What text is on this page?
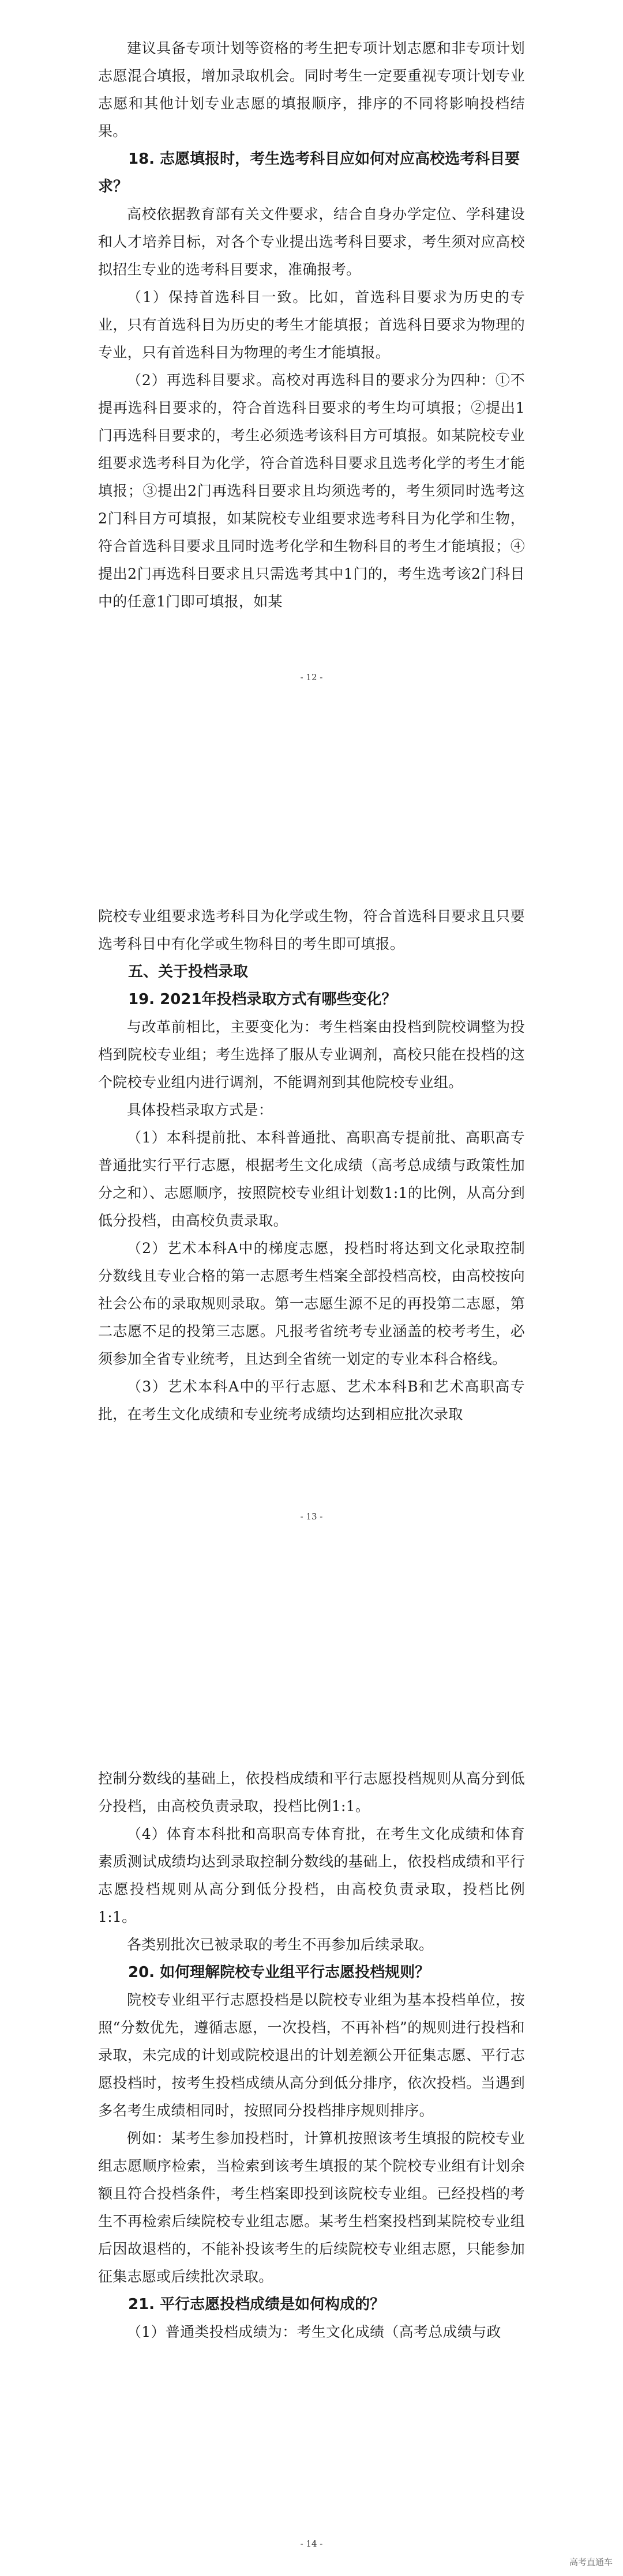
建议具备专项计划等资格的考生把专项计划志愿和非专项计划志愿混合填报，增加录取机会。同时考生一定要重视专项计划专业志愿和其他计划专业志愿的填报顺序，排序的不同将影响投档结果。

18. 志愿填报时，考生选考科目应如何对应高校选考科目要求？

高校依据教育部有关文件要求，结合自身办学定位、学科建设和人才培养目标，对各个专业提出选考科目要求，考生须对应高校拟招生专业的选考科目要求，准确报考。

（1）保持首选科目一致。比如，首选科目要求为历史的专业，只有首选科目为历史的考生才能填报；首选科目要求为物理的专业，只有首选科目为物理的考生才能填报。

（2）再选科目要求。高校对再选科目的要求分为四种：①不提再选科目要求的，符合首选科目要求的考生均可填报；②提出1门再选科目要求的，考生必须选考该科目方可填报。如某院校专业组要求选考科目为化学，符合首选科目要求且选考化学的考生才能填报；③提出2门再选科目要求且均须选考的，考生须同时选考这2门科目方可填报，如某院校专业组要求选考科目为化学和生物，符合首选科目要求且同时选考化学和生物科目的考生才能填报；④提出2门再选科目要求且只需选考其中1门的，考生选考该2门科目中的任意1门即可填报，如某

- 12 -

院校专业组要求选考科目为化学或生物，符合首选科目要求且只要选考科目中有化学或生物科目的考生即可填报。

五、关于投档录取

19. 2021年投档录取方式有哪些变化？

与改革前相比，主要变化为：考生档案由投档到院校调整为投档到院校专业组；考生选择了服从专业调剂，高校只能在投档的这个院校专业组内进行调剂，不能调剂到其他院校专业组。

具体投档录取方式是：

（1）本科提前批、本科普通批、高职高专提前批、高职高专普通批实行平行志愿，根据考生文化成绩（高考总成绩与政策性加分之和）、志愿顺序，按照院校专业组计划数1:1的比例，从高分到低分投档，由高校负责录取。

（2）艺术本科A中的梯度志愿，投档时将达到文化录取控制分数线且专业合格的第一志愿考生档案全部投档高校，由高校按向社会公布的录取规则录取。第一志愿生源不足的再投第二志愿，第二志愿不足的投第三志愿。凡报考省统考专业涵盖的校考考生，必须参加全省专业统考，且达到全省统一划定的专业本科合格线。

（3）艺术本科A中的平行志愿、艺术本科B和艺术高职高专批，在考生文化成绩和专业统考成绩均达到相应批次录取

- 13 -

控制分数线的基础上，依投档成绩和平行志愿投档规则从高分到低分投档，由高校负责录取，投档比例1:1。

（4）体育本科批和高职高专体育批，在考生文化成绩和体育素质测试成绩均达到录取控制分数线的基础上，依投档成绩和平行志愿投档规则从高分到低分投档，由高校负责录取，投档比例1:1。

各类别批次已被录取的考生不再参加后续录取。

20. 如何理解院校专业组平行志愿投档规则？

院校专业组平行志愿投档是以院校专业组为基本投档单位，按照“分数优先，遵循志愿，一次投档，不再补档”的规则进行投档和录取，未完成的计划或院校退出的计划差额公开征集志愿、平行志愿投档时，按考生投档成绩从高分到低分排序，依次投档。当遇到多名考生成绩相同时，按照同分投档排序规则排序。

例如：某考生参加投档时，计算机按照该考生填报的院校专业组志愿顺序检索，当检索到该考生填报的某个院校专业组有计划余额且符合投档条件，考生档案即投到该院校专业组。已经投档的考生不再检索后续院校专业组志愿。某考生档案投档到某院校专业组后因故退档的，不能补投该考生的后续院校专业组志愿，只能参加征集志愿或后续批次录取。

21. 平行志愿投档成绩是如何构成的？

（1）普通类投档成绩为：考生文化成绩（高考总成绩与政

- 14 -
高考直通车
